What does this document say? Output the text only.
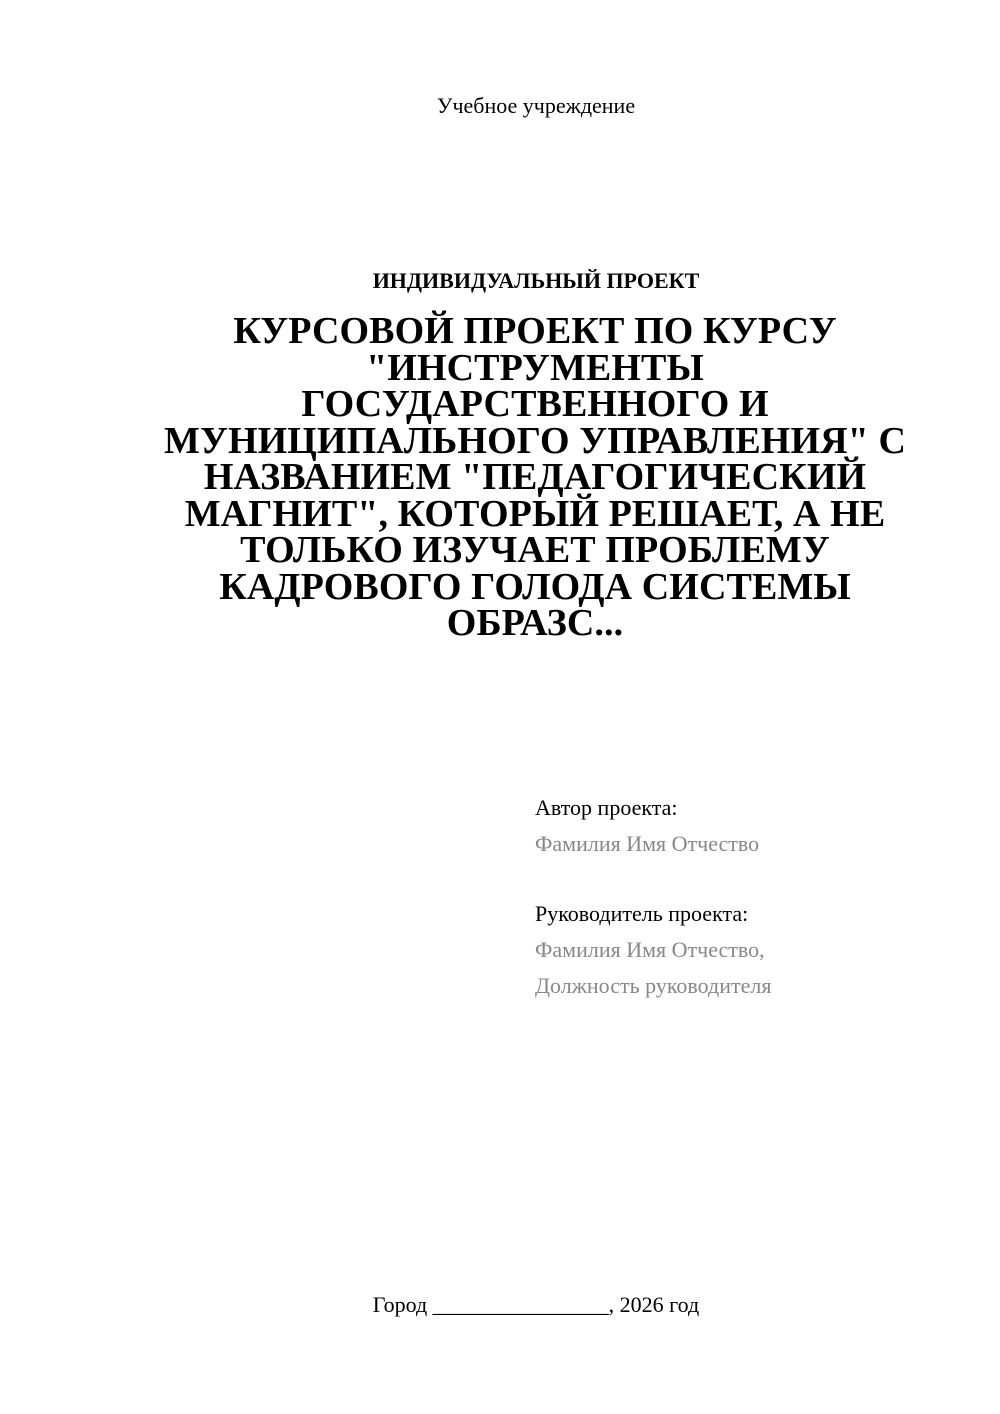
Учебное учреждение
ИНДИВИДУАЛЬНЫЙ ПРОЕКТ
КУРСОВОЙ ПРОЕКТ ПО КУРСУ "ИНСТРУМЕНТЫ ГОСУДАРСТВЕННОГО И МУНИЦИПАЛЬНОГО УПРАВЛЕНИЯ" С НАЗВАНИЕМ "ПЕДАГОГИЧЕСКИЙ МАГНИТ", КОТОРЫЙ РЕШАЕТ, А НЕ ТОЛЬКО ИЗУЧАЕТ ПРОБЛЕМУ КАДРОВОГО ГОЛОДА СИСТЕМЫ ОБРАЗС...
Автор проекта:
Фамилия Имя Отчество
Руководитель проекта:
Фамилия Имя Отчество,
Должность руководителя
Город ________________, 2026 год
